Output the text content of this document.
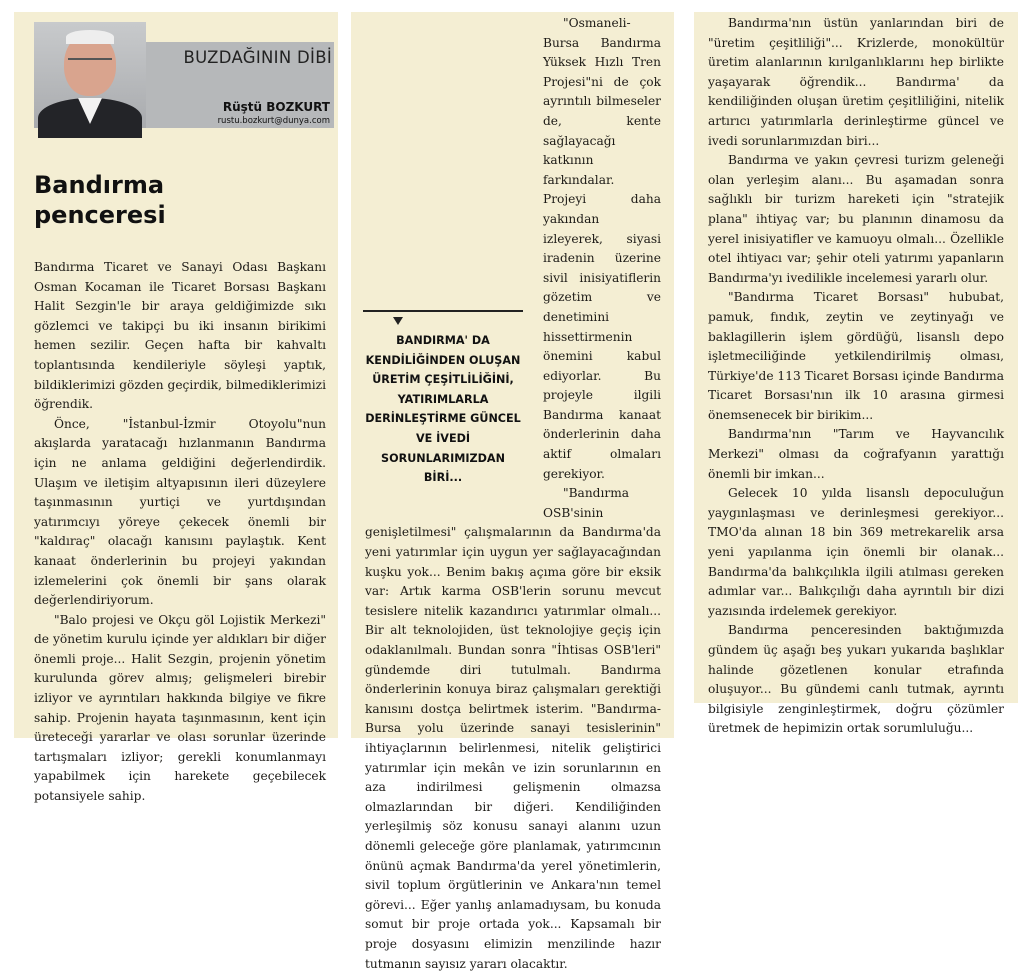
BUZDAĞININ DİBİ
Rüştü BOZKURT
rustu.bozkurt@dunya.com
Bandırma
penceresi

Bandırma Ticaret ve Sanayi Odası Başkanı Osman Kocaman ile Ticaret Borsası Başkanı Halit Sezgin'le bir araya geldiğimizde sıkı gözlemci ve takipçi bu iki insanın birikimi hemen sezilir. Geçen hafta bir kahvaltı toplantısında kendileriyle söyleşi yaptık, bildiklerimizi gözden geçirdik, bilmediklerimizi öğrendik.

Önce, "İstanbul-İzmir Otoyolu"nun akışlarda yaratacağı hızlanmanın Bandırma için ne anlama geldiğini değerlendirdik. Ulaşım ve iletişim altyapısının ileri düzeylere taşınmasının yurtiçi ve yurtdışından yatırımcıyı yöreye çekecek önemli bir "kaldıraç" olacağı kanısını paylaştık. Kent kanaat önderlerinin bu projeyi yakından izlemelerini çok önemli bir şans olarak değerlendiriyorum.

"Balo projesi ve Okçu göl Lojistik Merkezi" de yönetim kurulu içinde yer aldıkları bir diğer önemli proje... Halit Sezgin, projenin yönetim kurulunda görev almış; gelişmeleri birebir izliyor ve ayrıntıları hakkında bilgiye ve fikre sahip. Projenin hayata taşınmasının, kent için üreteceği yararlar ve olası sorunlar üzerinde tartışmaları izliyor; gerekli konumlanmayı yapabilmek için harekete geçebilecek potansiyele sahip.

"Osmaneli-Bursa Bandırma Yüksek Hızlı Tren Projesi"ni de çok ayrıntılı bilmeseler de, kente sağlayacağı katkının farkındalar. Projeyi daha yakından izleyerek, siyasi iradenin üzerine sivil inisiyatiflerin gözetim ve denetimini hissettirmenin önemini kabul ediyorlar. Bu projeyle ilgili Bandırma kanaat önderlerinin daha aktif olmaları gerekiyor.

"Bandırma OSB'sinin genişletilmesi" çalışmalarının da Bandırma'da yeni yatırımlar için uygun yer sağlayacağından kuşku yok... Benim bakış açıma göre bir eksik var: Artık karma OSB'lerin sorunu mevcut tesislere nitelik kazandırıcı yatırımlar olmalı... Bir alt teknolojiden, üst teknolojiye geçiş için odaklanılmalı. Bundan sonra "İhtisas OSB'leri" gündemde diri tutulmalı. Bandırma önderlerinin konuya biraz çalışmaları gerektiği kanısını dostça belirtmek isterim. "Bandırma-Bursa yolu üzerinde sanayi tesislerinin" ihtiyaçlarının belirlenmesi, nitelik geliştirici yatırımlar için mekân ve izin sorunlarının en aza indirilmesi gelişmenin olmazsa olmazlarından bir diğeri. Kendiliğinden yerleşilmiş söz konusu sanayi alanını uzun dönemli geleceğe göre planlamak, yatırımcının önünü açmak Bandırma'da yerel yönetimlerin, sivil toplum örgütlerinin ve Ankara'nın temel görevi... Eğer yanlış anlamadıysam, bu konuda somut bir proje ortada yok... Kapsamalı bir proje dosyasını elimizin menzilinde hazır tutmanın sayısız yararı olacaktır.

BANDIRMA' DA KENDİLİĞİNDEN OLUŞAN ÜRETİM ÇEŞİTLİLİĞİNİ, YATIRIMLARLA DERİNLEŞTİRME GÜNCEL VE İVEDİ SORUNLARIMIZDAN BİRİ...

Bandırma'nın üstün yanlarından biri de "üretim çeşitliliği"... Krizlerde, monokültür üretim alanlarının kırılganlıklarını hep birlikte yaşayarak öğrendik... Bandırma' da kendiliğinden oluşan üretim çeşitliliğini, nitelik artırıcı yatırımlarla derinleştirme güncel ve ivedi sorunlarımızdan biri...

Bandırma ve yakın çevresi turizm geleneği olan yerleşim alanı... Bu aşamadan sonra sağlıklı bir turizm hareketi için "stratejik plana" ihtiyaç var; bu planının dinamosu da yerel inisiyatifler ve kamuoyu olmalı... Özellikle otel ihtiyacı var; şehir oteli yatırımı yapanların Bandırma'yı ivedilikle incelemesi yararlı olur.

"Bandırma Ticaret Borsası" hububat, pamuk, fındık, zeytin ve zeytinyağı ve baklagillerin işlem gördüğü, lisanslı depo işletmeciliğinde yetkilendirilmiş olması, Türkiye'de 113 Ticaret Borsası içinde Bandırma Ticaret Borsası'nın ilk 10 arasına girmesi önemsenecek bir birikim...

Bandırma'nın "Tarım ve Hayvancılık Merkezi" olması da coğrafyanın yarattığı önemli bir imkan...

Gelecek 10 yılda lisanslı depoculuğun yaygınlaşması ve derinleşmesi gerekiyor... TMO'da alınan 18 bin 369 metrekarelik arsa yeni yapılanma için önemli bir olanak... Bandırma'da balıkçılıkla ilgili atılması gereken adımlar var... Balıkçılığı daha ayrıntılı bir dizi yazısında irdelemek gerekiyor.

Bandırma penceresinden baktığımızda gündem üç aşağı beş yukarı yukarıda başlıklar halinde gözetlenen konular etrafında oluşuyor... Bu gündemi canlı tutmak, ayrıntı bilgisiyle zenginleştirmek, doğru çözümler üretmek de hepimizin ortak sorumluluğu...
